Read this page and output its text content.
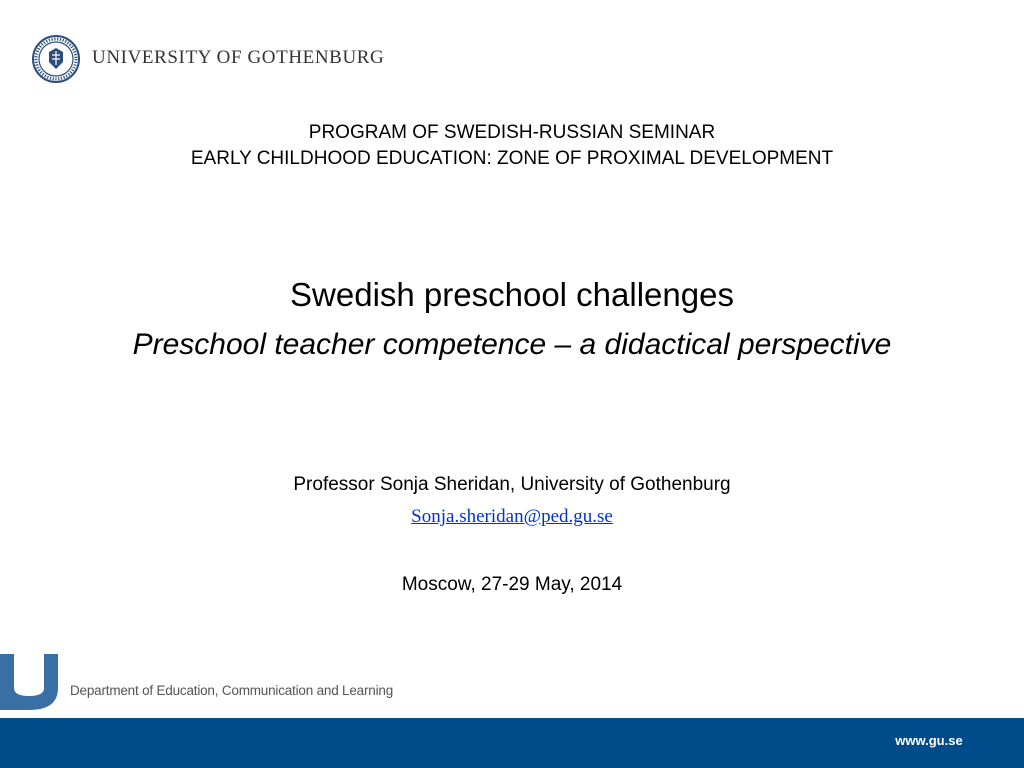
UNIVERSITY OF GOTHENBURG
PROGRAM OF SWEDISH-RUSSIAN SEMINAR
EARLY CHILDHOOD EDUCATION: ZONE OF PROXIMAL DEVELOPMENT
Swedish preschool challenges
Preschool teacher competence – a didactical perspective
Professor Sonja Sheridan, University of Gothenburg
Sonja.sheridan@ped.gu.se
Moscow, 27-29 May, 2014
Department of Education, Communication and Learning
www.gu.se
